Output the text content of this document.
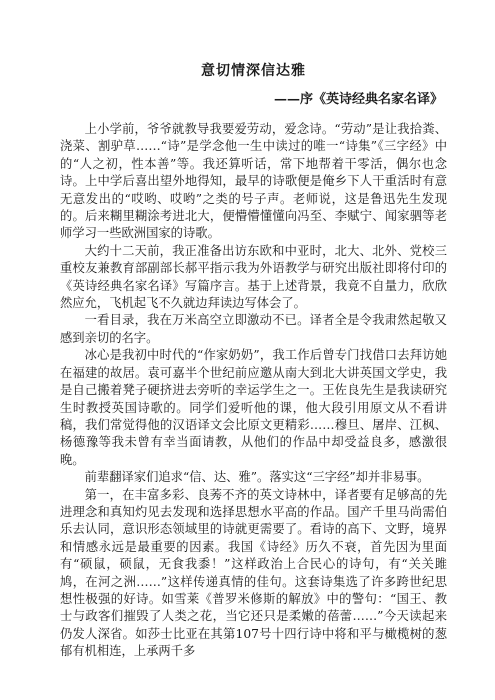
意切情深信达雅
——序《英诗经典名家名译》

上小学前，爷爷就教导我要爱劳动，爱念诗。“劳动”是让我拾粪、浇菜、割驴草……“诗”是学念他一生中读过的唯一“诗集”《三字经》中的“人之初，性本善”等。我还算听话，常下地帮着干零活，偶尔也念诗。上中学后喜出望外地得知，最早的诗歌便是俺乡下人干重活时有意无意发出的“哎哟、哎哟”之类的号子声。老师说，这是鲁迅先生发现的。后来糊里糊涂考进北大，便懵懵懂懂向冯至、李赋宁、闻家驷等老师学习一些欧洲国家的诗歌。

大约十二天前，我正准备出访东欧和中亚时，北大、北外、党校三重校友兼教育部副部长郝平指示我为外语教学与研究出版社即将付印的《英诗经典名家名译》写篇序言。基于上述背景，我竟不自量力，欣欣然应允，飞机起飞不久就边拜读边写体会了。

一看目录，我在万米高空立即激动不已。译者全是令我肃然起敬又感到亲切的名字。

冰心是我初中时代的“作家奶奶”，我工作后曾专门找借口去拜访她在福建的故居。袁可嘉半个世纪前应邀从南大到北大讲英国文学史，我是自己搬着凳子硬挤进去旁听的幸运学生之一。王佐良先生是我读研究生时教授英国诗歌的。同学们爱听他的课，他大段引用原文从不看讲稿，我们常觉得他的汉语译文会比原文更精彩……穆旦、屠岸、江枫、杨德豫等我未曾有幸当面请教，从他们的作品中却受益良多，感激很晚。

前辈翻译家们追求“信、达、雅”。落实这“三字经”却并非易事。

第一，在丰富多彩、良莠不齐的英文诗林中，译者要有足够高的先进理念和真知灼见去发现和选择思想水平高的作品。国产千里马尚需伯乐去认同，意识形态领域里的诗就更需要了。看诗的高下、文野，境界和情感永远是最重要的因素。我国《诗经》历久不衰，首先因为里面有“硕鼠，硕鼠，无食我黍！”这样政治上合民心的诗句，有“关关雎鸠，在河之洲……”这样传递真情的佳句。这套诗集选了许多跨世纪思想性极强的好诗。如雪莱《普罗米修斯的解放》中的警句：“国王、教士与政客们摧毁了人类之花，当它还只是柔嫩的蓓蕾……”今天读起来仍发人深省。如莎士比亚在其第107号十四行诗中将和平与橄榄树的葱郁有机相连，上承两千多
